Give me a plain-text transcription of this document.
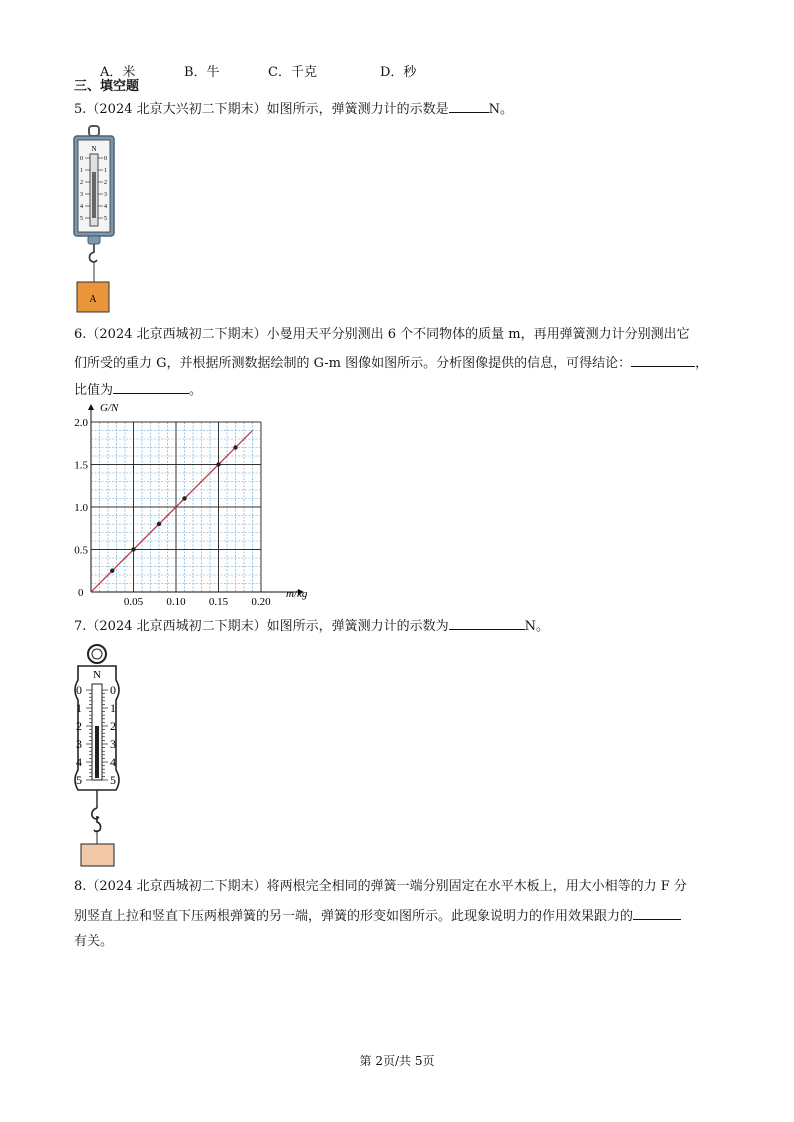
A．米	B．牛	C．千克	D．秒
三、填空题
5.（2024 北京大兴初二下期末）如图所示，弹簧测力计的示数是	N。
N
0
1
2
3
4
5
0
1
2
3
4
5
A
6.（2024 北京西城初二下期末）小曼用天平分别测出 6 个不同物体的质量 m，再用弹簧测力计分别测出它
们所受的重力 G，并根据所测数据绘制的 G-m 图像如图所示。分析图像提供的信息，可得结论：	，
比值为	。
G/N
m/kg
0
0.05 0.10 0.15 0.20
0.5
1.0
1.5
2.0
7.（2024 北京西城初二下期末）如图所示，弹簧测力计的示数为	N。
N
0
1
2
3
4
5
0
1
2
3
4
5
8.（2024 北京西城初二下期末）将两根完全相同的弹簧一端分别固定在水平木板上，用大小相等的力 F 分
别竖直上拉和竖直下压两根弹簧的另一端，弹簧的形变如图所示。此现象说明力的作用效果跟力的
有关。
第 2页/共 5页
